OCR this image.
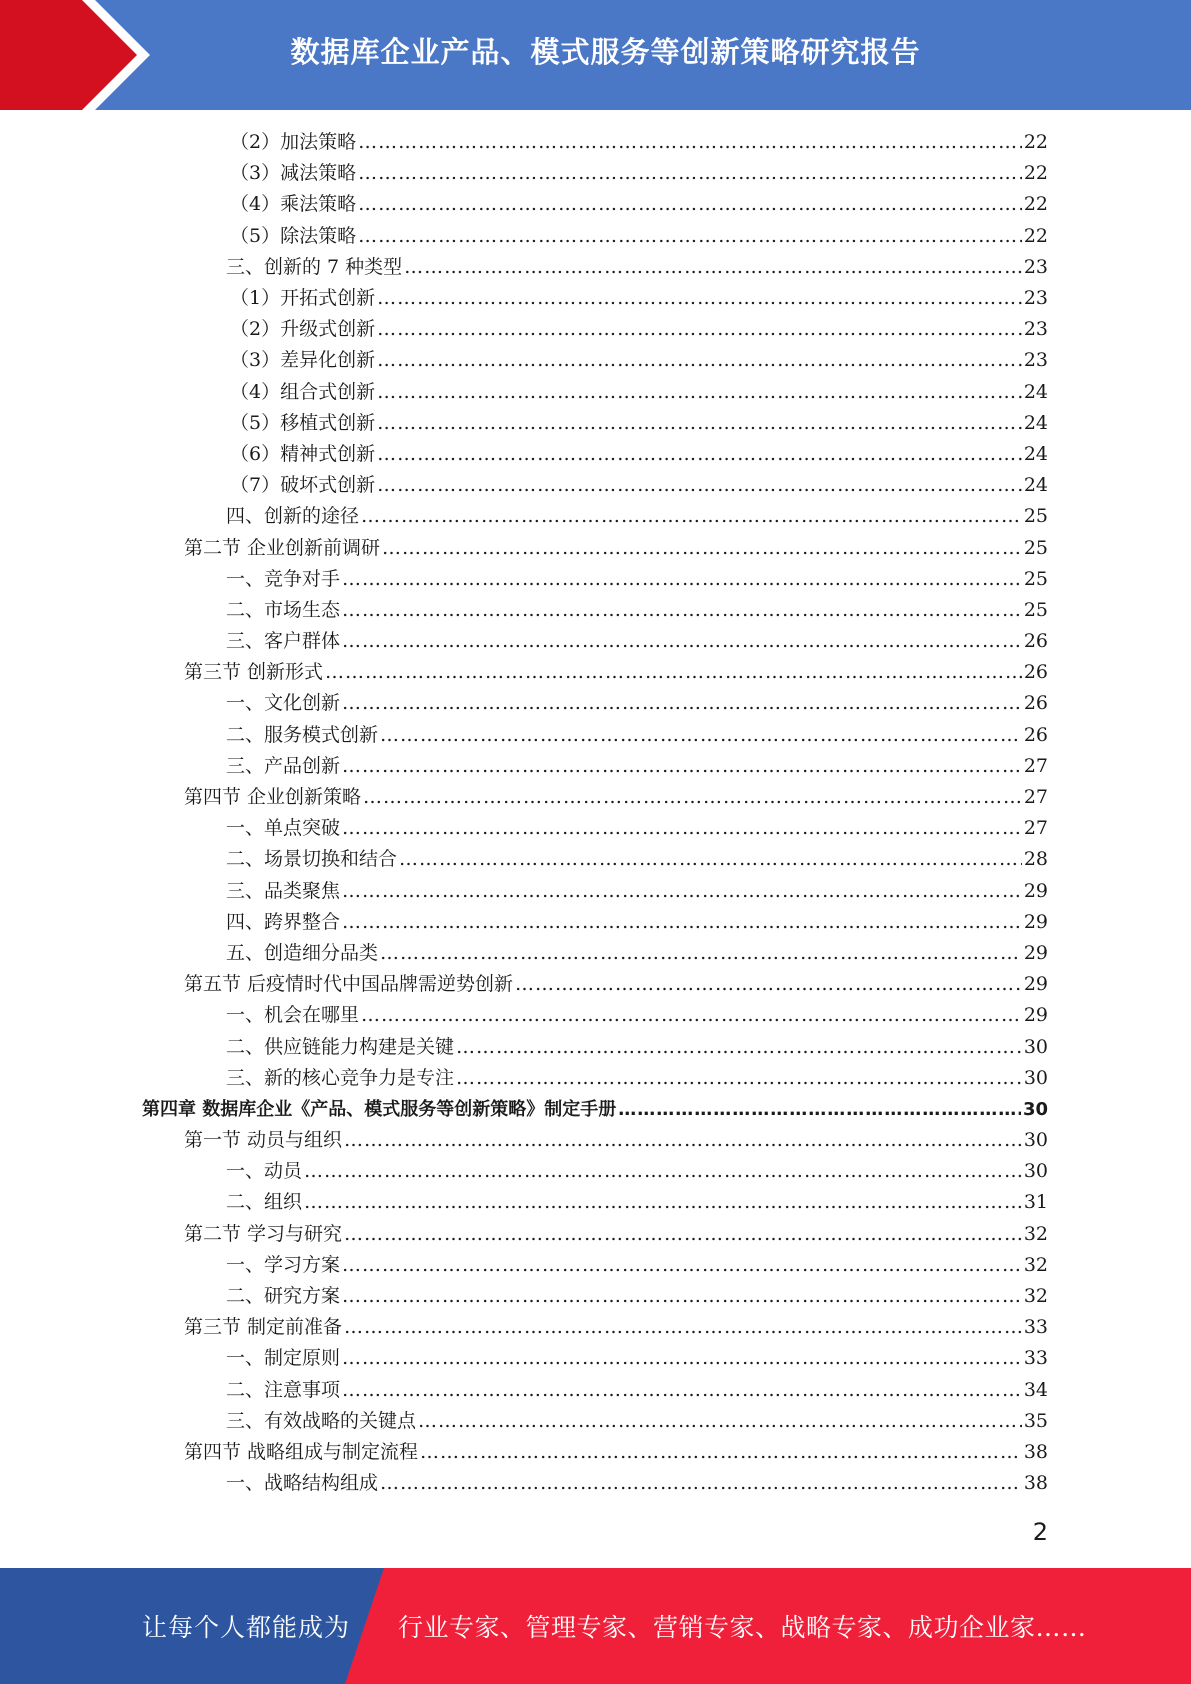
数据库企业产品、模式服务等创新策略研究报告
（2）加法策略 ……………………………………………………………………………………………………………………………………………………………………………………………………………………………………………………………………………………	22
（3）减法策略 ……………………………………………………………………………………………………………………………………………………………………………………………………………………………………………………………………………………	22
（4）乘法策略 ……………………………………………………………………………………………………………………………………………………………………………………………………………………………………………………………………………………	22
（5）除法策略 ……………………………………………………………………………………………………………………………………………………………………………………………………………………………………………………………………………………	22
三、创新的 7 种类型 ……………………………………………………………………………………………………………………………………………………………………………………………………………………………………………………………………………………	23
（1）开拓式创新 ……………………………………………………………………………………………………………………………………………………………………………………………………………………………………………………………………………………	23
（2）升级式创新 ……………………………………………………………………………………………………………………………………………………………………………………………………………………………………………………………………………………	23
（3）差异化创新 ……………………………………………………………………………………………………………………………………………………………………………………………………………………………………………………………………………………	23
（4）组合式创新 ……………………………………………………………………………………………………………………………………………………………………………………………………………………………………………………………………………………	24
（5）移植式创新 ……………………………………………………………………………………………………………………………………………………………………………………………………………………………………………………………………………………	24
（6）精神式创新 ……………………………………………………………………………………………………………………………………………………………………………………………………………………………………………………………………………………	24
（7）破坏式创新 ……………………………………………………………………………………………………………………………………………………………………………………………………………………………………………………………………………………	24
四、创新的途径 ……………………………………………………………………………………………………………………………………………………………………………………………………………………………………………………………………………………	25
第二节 企业创新前调研 ……………………………………………………………………………………………………………………………………………………………………………………………………………………………………………………………………………………	25
一、竞争对手 ……………………………………………………………………………………………………………………………………………………………………………………………………………………………………………………………………………………	25
二、市场生态 ……………………………………………………………………………………………………………………………………………………………………………………………………………………………………………………………………………………	25
三、客户群体 ……………………………………………………………………………………………………………………………………………………………………………………………………………………………………………………………………………………	26
第三节 创新形式 ……………………………………………………………………………………………………………………………………………………………………………………………………………………………………………………………………………………	26
一、文化创新 ……………………………………………………………………………………………………………………………………………………………………………………………………………………………………………………………………………………	26
二、服务模式创新 ……………………………………………………………………………………………………………………………………………………………………………………………………………………………………………………………………………………	26
三、产品创新 ……………………………………………………………………………………………………………………………………………………………………………………………………………………………………………………………………………………	27
第四节 企业创新策略 ……………………………………………………………………………………………………………………………………………………………………………………………………………………………………………………………………………………	27
一、单点突破 ……………………………………………………………………………………………………………………………………………………………………………………………………………………………………………………………………………………	27
二、场景切换和结合 ……………………………………………………………………………………………………………………………………………………………………………………………………………………………………………………………………………………	28
三、品类聚焦 ……………………………………………………………………………………………………………………………………………………………………………………………………………………………………………………………………………………	29
四、跨界整合 ……………………………………………………………………………………………………………………………………………………………………………………………………………………………………………………………………………………	29
五、创造细分品类 ……………………………………………………………………………………………………………………………………………………………………………………………………………………………………………………………………………………	29
第五节 后疫情时代中国品牌需逆势创新 ……………………………………………………………………………………………………………………………………………………………………………………………………………………………………………………………………………………	29
一、机会在哪里 ……………………………………………………………………………………………………………………………………………………………………………………………………………………………………………………………………………………	29
二、供应链能力构建是关键 ……………………………………………………………………………………………………………………………………………………………………………………………………………………………………………………………………………………	30
三、新的核心竞争力是专注 ……………………………………………………………………………………………………………………………………………………………………………………………………………………………………………………………………………………	30
第四章 数据库企业《产品、模式服务等创新策略》制定手册 ……………………………………………………………………………………………………………………………………………………………………………………………………………………………………………………………………………………	30
第一节 动员与组织 ……………………………………………………………………………………………………………………………………………………………………………………………………………………………………………………………………………………	30
一、动员 ……………………………………………………………………………………………………………………………………………………………………………………………………………………………………………………………………………………	30
二、组织 ……………………………………………………………………………………………………………………………………………………………………………………………………………………………………………………………………………………	31
第二节 学习与研究 ……………………………………………………………………………………………………………………………………………………………………………………………………………………………………………………………………………………	32
一、学习方案 ……………………………………………………………………………………………………………………………………………………………………………………………………………………………………………………………………………………	32
二、研究方案 ……………………………………………………………………………………………………………………………………………………………………………………………………………………………………………………………………………………	32
第三节 制定前准备 ……………………………………………………………………………………………………………………………………………………………………………………………………………………………………………………………………………………	33
一、制定原则 ……………………………………………………………………………………………………………………………………………………………………………………………………………………………………………………………………………………	33
二、注意事项 ……………………………………………………………………………………………………………………………………………………………………………………………………………………………………………………………………………………	34
三、有效战略的关键点 ……………………………………………………………………………………………………………………………………………………………………………………………………………………………………………………………………………………	35
第四节 战略组成与制定流程 ……………………………………………………………………………………………………………………………………………………………………………………………………………………………………………………………………………………	38
一、战略结构组成 ……………………………………………………………………………………………………………………………………………………………………………………………………………………………………………………………………………………	38
2
让每个人都能成为 行业专家、管理专家、营销专家、战略专家、成功企业家……
